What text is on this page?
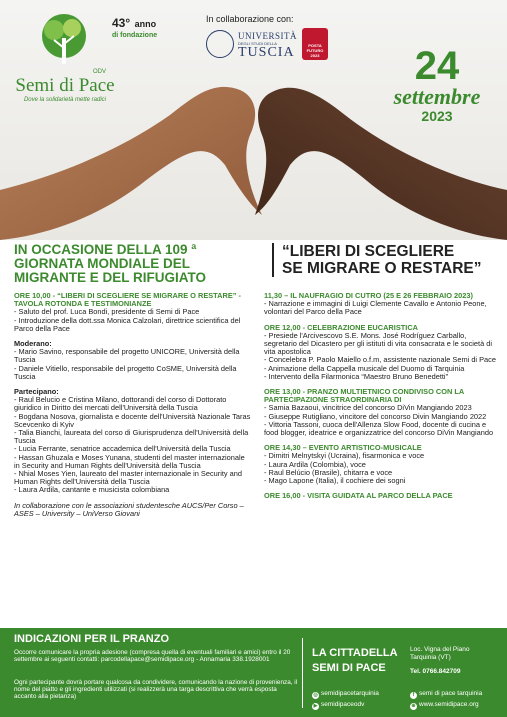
Semi di Pace
Dove la solidarietà mette radici
ODV
43° anno
di fondazione
In collaborazione con:
UNIVERSITÀ
DEGLI STUDI DELLA
TUSCIA	POSTA FUTURO 2023	24
settembre
2023
IN OCCASIONE DELLA 109 ª
GIORNATA MONDIALE DEL
MIGRANTE E DEL RIFUGIATO
“LIBERI DI SCEGLIERE
SE MIGRARE O RESTARE”
ORE 10,00 - “LIBERI DI SCEGLIERE SE MIGRARE O RESTARE” - TAVOLA ROTONDA E TESTIMONIANZE
- Saluto del prof. Luca Bondi, presidente di Semi di Pace
- Introduzione della dott.ssa Monica Calzolari, direttrice scientifica del Parco della Pace
Moderano:
- Mario Savino, responsabile del progetto UNICORE, Università della Tuscia
- Daniele Vitiello, responsabile del progetto CoSME, Università della Tuscia
Partecipano:
- Raul Belucio e Cristina Milano, dottorandi del corso di Dottorato giuridico in Diritto dei mercati dell'Università della Tuscia
- Bogdana Nosova, giornalista e docente dell'Università Nazionale Taras Scevcenko di Kyiv
- Talia Bianchi, laureata del corso di Giurisprudenza dell'Università della Tuscia
- Lucia Ferrante, senatrice accademica dell'Università della Tuscia
- Hassan Ghuzala e Moses Yunana, studenti del master internazionale in Security and Human Rights dell'Università della Tuscia
- Nhial Moses Yien, laureato del master internazionale in Security and Human Rights dell'Università della Tuscia
- Laura Ardila, cantante e musicista colombiana
In collaborazione con le associazioni studentesche AUCS/Per Corso – ASES – University – UniVerso Giovani
11,30 – IL NAUFRAGIO DI CUTRO (25 E 26 FEBBRAIO 2023)
- Narrazione e immagini di Luigi Clemente Cavallo e Antonio Peone, volontari del Parco della Pace
ORE 12,00 - CELEBRAZIONE EUCARISTICA
- Presiede l'Arcivescovo S.E. Mons. José Rodríguez Carballo, segretario del Dicastero per gli istituti di vita consacrata e le società di vita apostolica
- Concelebra P. Paolo Maiello o.f.m, assistente nazionale Semi di Pace
- Animazione della Cappella musicale del Duomo di Tarquinia
- Intervento della Filarmonica “Maestro Bruno Benedetti”
ORE 13,00 - PRANZO MULTIETNICO CONDIVISO CON LA PARTECIPAZIONE STRAORDINARIA DI
- Samia Bazaoui, vincitrice del concorso DiVin Mangiando 2023
- Giuseppe Rutigliano, vincitore del concorso Divin Mangiando 2022
- Vittoria Tassoni, cuoca dell'Allenza Slow Food, docente di cucina e food blogger, ideatrice e organizzatrice del concorso DiVin Mangiando
ORE 14,30 – EVENTO ARTISTICO-MUSICALE
- Dimitri Melnytskyi (Ucraina), fisarmonica e voce
- Laura Ardila (Colombia), voce
- Raul Belúcio (Brasile), chitarra e voce
- Mago Lapone (Italia), il cochiere dei sogni
ORE 16,00 - VISITA GUIDATA AL PARCO DELLA PACE
INDICAZIONI PER IL PRANZO
Occorre comunicare la propria adesione (compresa quella di eventuali familiari e amici) entro il 20 settembre ai seguenti contatti: parcodellapace@semidipace.org - Annamaria 338.1928001
Ogni partecipante dovrà portare qualcosa da condividere, comunicando la nazione di provenienza, il nome del piatto e gli ingredienti utilizzati (si realizzerà una targa descrittiva che verrà esposta accanto alla pietanza)
LA CITTADELLA
SEMI DI PACE
Loc. Vigna del Piano
Tarquinia (VT)
Tel. 0766.842709
◎ semidipacetarquinia
▶ semidipaceodv
f semi di pace tarquinia
⊕ www.semidipace.org
